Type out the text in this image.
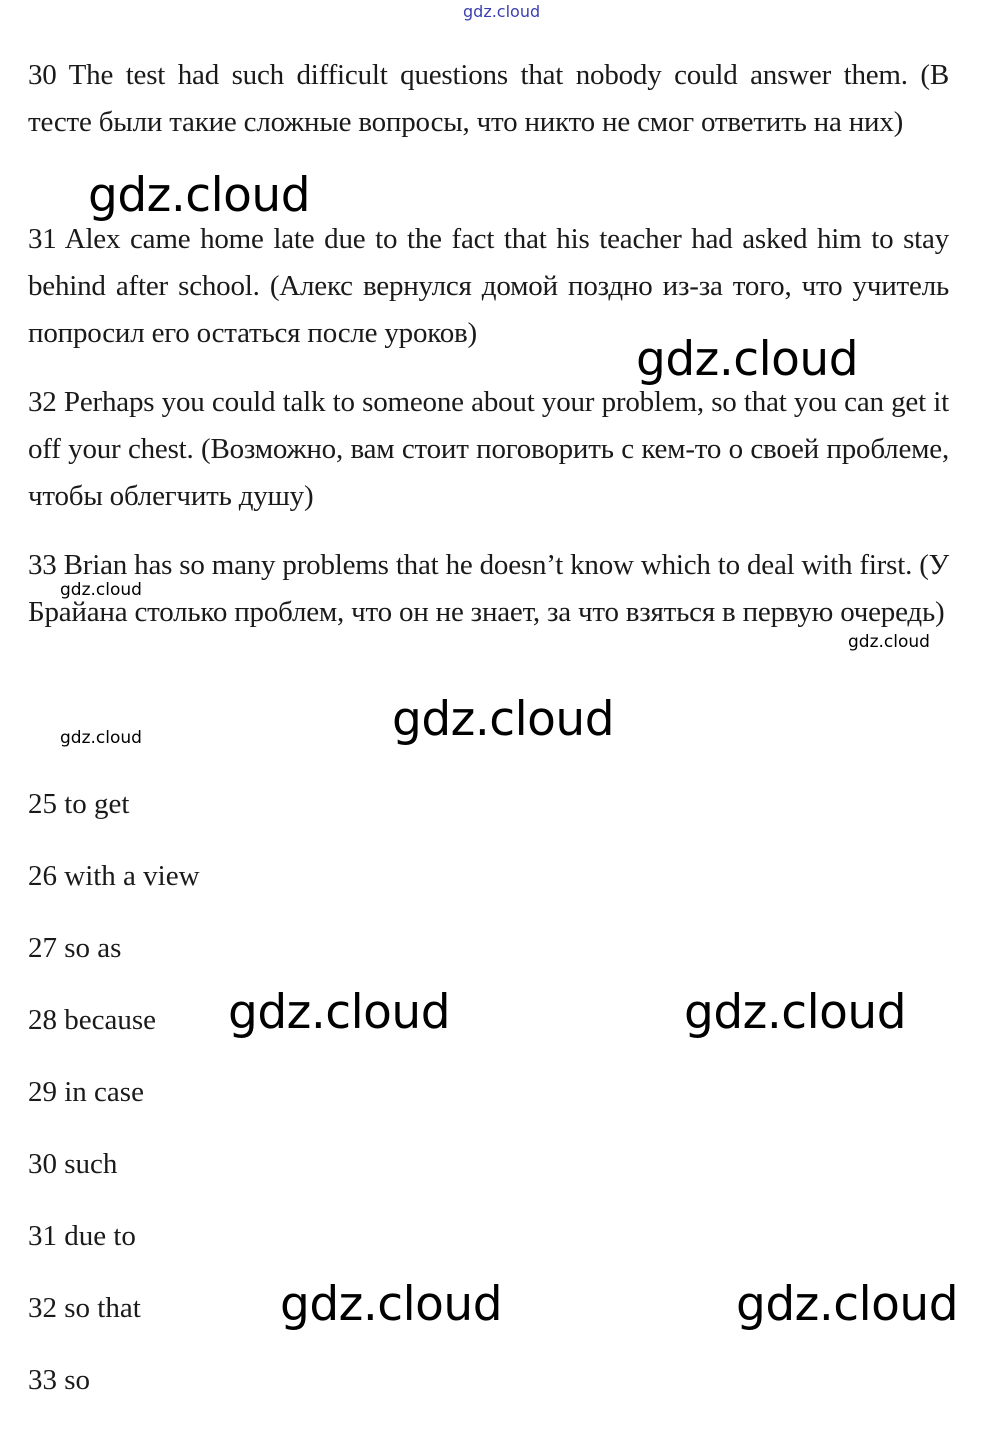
gdz.cloud

30 The test had such difficult questions that nobody could answer them. (В тесте были такие сложные вопросы, что никто не смог ответить на них)

31 Alex came home late due to the fact that his teacher had asked him to stay behind after school. (Алекс вернулся домой поздно из-за того, что учитель попросил его остаться после уроков)

32 Perhaps you could talk to someone about your problem, so that you can get it off your chest. (Возможно, вам стоит поговорить с кем-то о своей проблеме, чтобы облегчить душу)

33 Brian has so many problems that he doesn’t know which to deal with first. (У Брайана столько проблем, что он не знает, за что взяться в первую очередь)

25 to get

26 with a view

27 so as

28 because

29 in case

30 such

31 due to

32 so that

33 so

gdz.cloud
gdz.cloud
gdz.cloud
gdz.cloud
gdz.cloud
gdz.cloud
gdz.cloud	gdz.cloud
gdz.cloud	gdz.cloud
